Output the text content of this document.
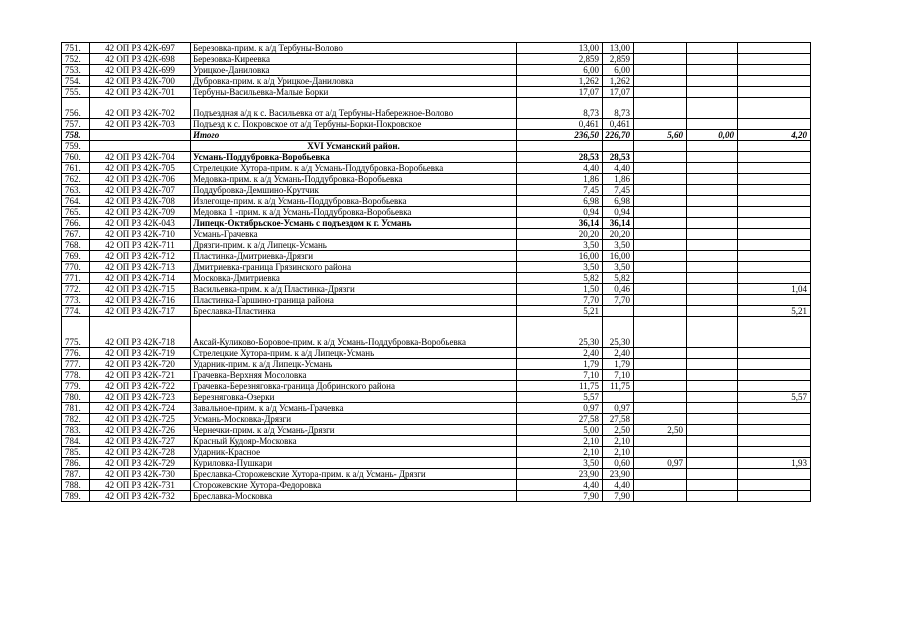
751.	42 ОП РЗ 42К-697	Березовка-прим. к а/д Тербуны-Волово	13,00	13,00			
752.	42 ОП РЗ 42К-698	Березовка-Киреевка	2,859	2,859			
753.	42 ОП РЗ 42К-699	Урицкое-Даниловка	6,00	6,00			
754.	42 ОП РЗ 42К-700	Дубровка-прим. к а/д Урицкое-Даниловка	1,262	1,262			
755.	42 ОП РЗ 42К-701	Тербуны-Васильевка-Малые Борки	17,07	17,07			
756.	42 ОП РЗ 42К-702	Подъездная а/д к с. Васильевка от а/д Тербуны-Набережное-Волово	8,73	8,73			
757.	42 ОП РЗ 42К-703	Подъезд к с. Покровское от а/д Тербуны-Борки-Покровское	0,461	0,461			
758.		Итого	236,50	226,70	5,60	0,00	4,20
759.		XVI Усманский район.					
760.	42 ОП РЗ 42К-704	Усмань-Поддубровка-Воробьевка	28,53	28,53			
761.	42 ОП РЗ 42К-705	Стрелецкие Хутора-прим. к а/д Усмань-Поддубровка-Воробьевка	4,40	4,40			
762.	42 ОП РЗ 42К-706	Медовка-прим. к а/д Усмань-Поддубровка-Воробьевка	1,86	1,86			
763.	42 ОП РЗ 42К-707	Поддубровка-Демшино-Крутчик	7,45	7,45			
764.	42 ОП РЗ 42К-708	Излегоще-прим. к а/д Усмань-Поддубровка-Воробьевка	6,98	6,98			
765.	42 ОП РЗ 42К-709	Медовка 1 -прим. к а/д Усмань-Поддубровка-Воробьевка	0,94	0,94			
766.	42 ОП РЗ 42К-043	Липецк-Октябрьское-Усмань с подъездом к г. Усмань	36,14	36,14			
767.	42 ОП РЗ 42К-710	Усмань-Грачевка	20,20	20,20			
768.	42 ОП РЗ 42К-711	Дрязги-прим. к а/д Липецк-Усмань	3,50	3,50			
769.	42 ОП РЗ 42К-712	Пластинка-Дмитриевка-Дрязги	16,00	16,00			
770.	42 ОП РЗ 42К-713	Дмитриевка-граница Грязинского района	3,50	3,50			
771.	42 ОП РЗ 42К-714	Московка-Дмитриевка	5,82	5,82			
772.	42 ОП РЗ 42К-715	Васильевка-прим. к а/д Пластинка-Дрязги	1,50	0,46			1,04
773.	42 ОП РЗ 42К-716	Пластинка-Гаршино-граница района	7,70	7,70			
774.	42 ОП РЗ 42К-717	Бреславка-Пластинка	5,21				5,21
775.	42 ОП РЗ 42К-718	Аксай-Куликово-Боровое-прим. к а/д Усмань-Поддубровка-Воробьевка	25,30	25,30			
776.	42 ОП РЗ 42К-719	Стрелецкие Хутора-прим. к а/д Липецк-Усмань	2,40	2,40			
777.	42 ОП РЗ 42К-720	Ударник-прим. к а/д Липецк-Усмань	1,79	1,79			
778.	42 ОП РЗ 42К-721	Грачевка-Верхняя Мосоловка	7,10	7,10			
779.	42 ОП РЗ 42К-722	Грачевка-Березняговка-граница Добринского района	11,75	11,75			
780.	42 ОП РЗ 42К-723	Березняговка-Озерки	5,57				5,57
781.	42 ОП РЗ 42К-724	Завальное-прим. к а/д Усмань-Грачевка	0,97	0,97			
782.	42 ОП РЗ 42К-725	Усмань-Московка-Дрязги	27,58	27,58			
783.	42 ОП РЗ 42К-726	Чернечки-прим. к а/д Усмань-Дрязги	5,00	2,50	2,50		
784.	42 ОП РЗ 42К-727	Красный Кудояр-Московка	2,10	2,10			
785.	42 ОП РЗ 42К-728	Ударник-Красное	2,10	2,10			
786.	42 ОП РЗ 42К-729	Куриловка-Пушкари	3,50	0,60	0,97		1,93
787.	42 ОП РЗ 42К-730	Бреславка-Сторожевские Хутора-прим. к а/д Усмань- Дрязги	23,90	23,90			
788.	42 ОП РЗ 42К-731	Сторожевские Хутора-Федоровка	4,40	4,40			
789.	42 ОП РЗ 42К-732	Бреславка-Московка	7,90	7,90			
